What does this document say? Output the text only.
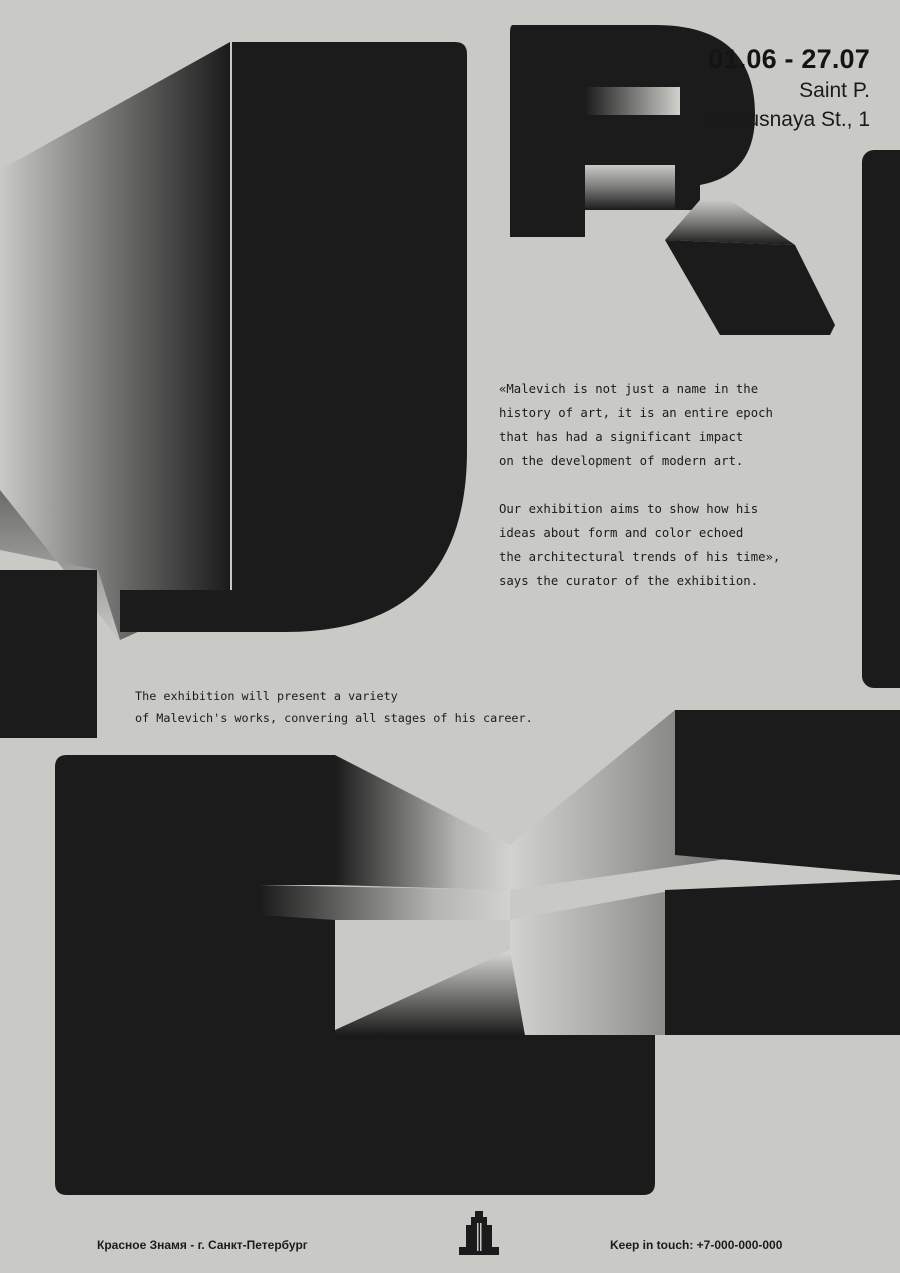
01.06 - 27.07
Saint P.
Korpusnaya St., 1

«Malevich is not just a name in the

history of art, it is an entire epoch

that has had a significant impact

on the development of modern art.

Our exhibition aims to show how his

ideas about form and color echoed

the architectural trends of his time»,

says the curator of the exhibition.

The exhibition will present a variety

of Malevich's works, convering all stages of his career.

Красное Знамя - г. Санкт-Петербург	Keep in touch: +7-000-000-000
